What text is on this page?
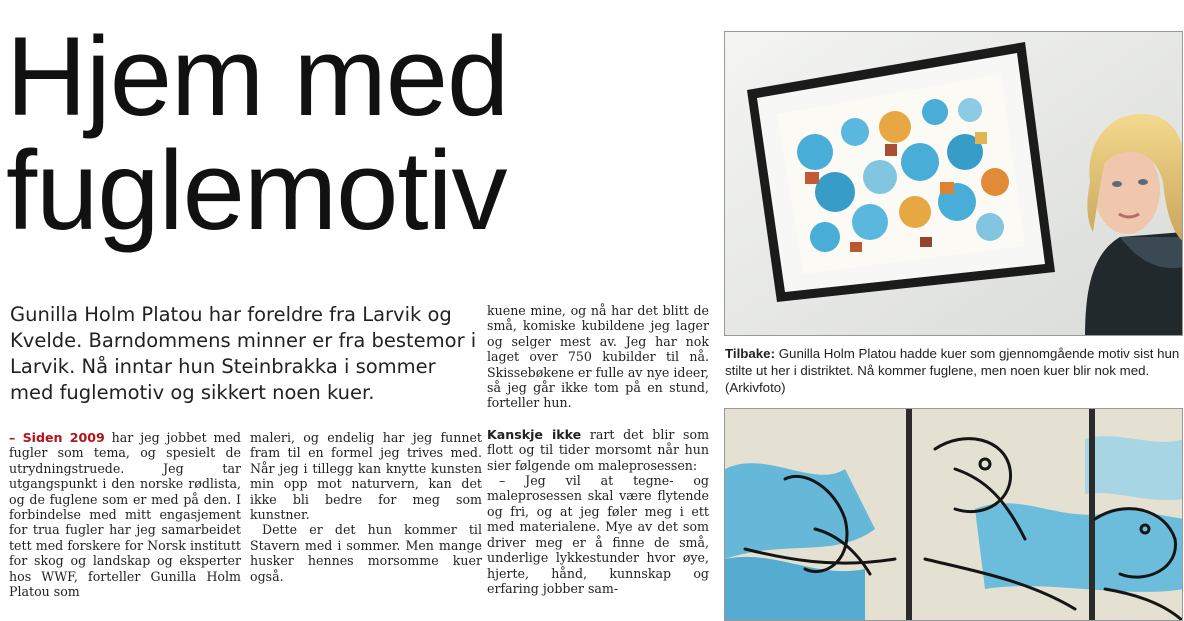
Hjem med
fuglemotiv
Gunilla Holm Platou har foreldre fra Larvik og Kvelde. Barndommens minner er fra bestemor i Larvik. Nå inntar hun Steinbrakka i sommer med fuglemotiv og sikkert noen kuer.

– Siden 2009 har jeg jobbet med fugler som tema, og spesielt de utrydningstruede. Jeg tar utgangspunkt i den norske rødlista, og de fuglene som er med på den. I forbindelse med mitt engasjement for trua fugler har jeg samarbeidet tett med forskere for Norsk institutt for skog og landskap og eksperter hos WWF, forteller Gunilla Holm Platou som

maleri, og endelig har jeg funnet fram til en formel jeg trives med. Når jeg i tillegg kan knytte kunsten min opp mot naturvern, kan det ikke bli bedre for meg som kunstner.

Dette er det hun kommer til Stavern med i sommer. Men mange husker hennes morsomme kuer også.

kuene mine, og nå har det blitt de små, komiske kubildene jeg lager og selger mest av. Jeg har nok laget over 750 kubilder til nå. Skissebøkene er fulle av nye ideer, så jeg går ikke tom på en stund, forteller hun.

Kanskje ikke rart det blir som flott og til tider morsomt når hun sier følgende om maleprosessen:

– Jeg vil at tegne- og maleprosessen skal være flytende og fri, og at jeg føler meg i ett med materialene. Mye av det som driver meg er å finne de små, underlige lykkestunder hvor øye, hjerte, hånd, kunnskap og erfaring jobber sam-

Tilbake: Gunilla Holm Platou hadde kuer som gjennomgående motiv sist hun stilte ut her i distriktet. Nå kommer fuglene, men noen kuer blir nok med. (Arkivfoto)
